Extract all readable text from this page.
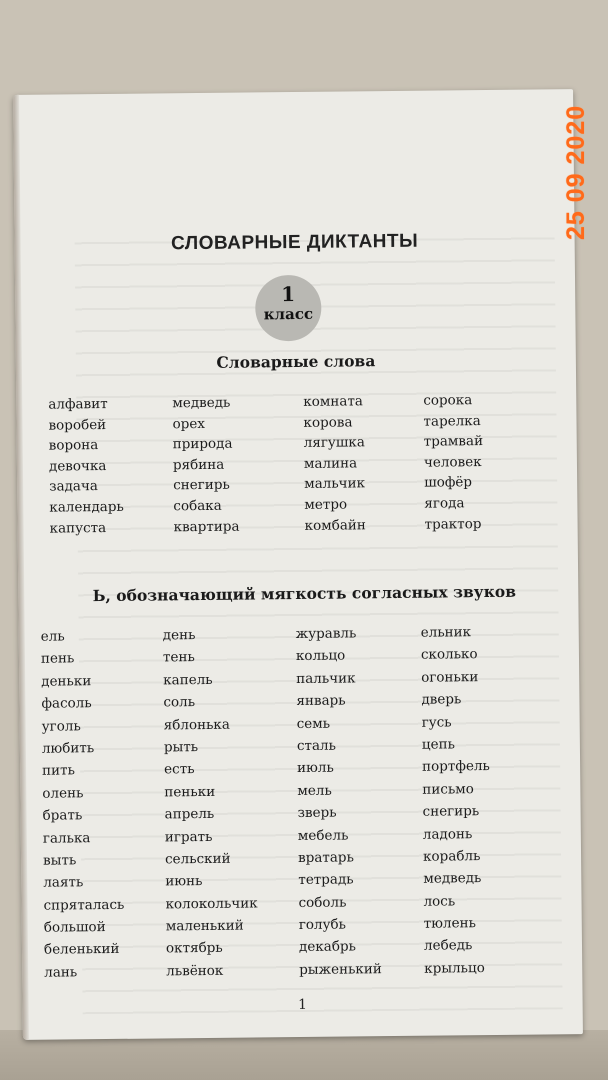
СЛОВАРНЫЕ ДИКТАНТЫ
1
класс
Словарные слова
алфавит
воробей
ворона
девочка
задача
календарь
капуста
медведь
орех
природа
рябина
снегирь
собака
квартира
комната
корова
лягушка
малина
мальчик
метро
комбайн
сорока
тарелка
трамвай
человек
шофёр
ягода
трактор
Ь, обозначающий мягкость согласных звуков
ель
пень
деньки
фасоль
уголь
любить
пить
олень
брать
галька
выть
лаять
спряталась
большой
беленький
лань
день
тень
капель
соль
яблонька
рыть
есть
пеньки
апрель
играть
сельский
июнь
колокольчик
маленький
октябрь
львёнок
журавль
кольцо
пальчик
январь
семь
сталь
июль
мель
зверь
мебель
вратарь
тетрадь
соболь
голубь
декабрь
рыженький
ельник
сколько
огоньки
дверь
гусь
цепь
портфель
письмо
снегирь
ладонь
корабль
медведь
лось
тюлень
лебедь
крыльцо
1
25 09 2020
